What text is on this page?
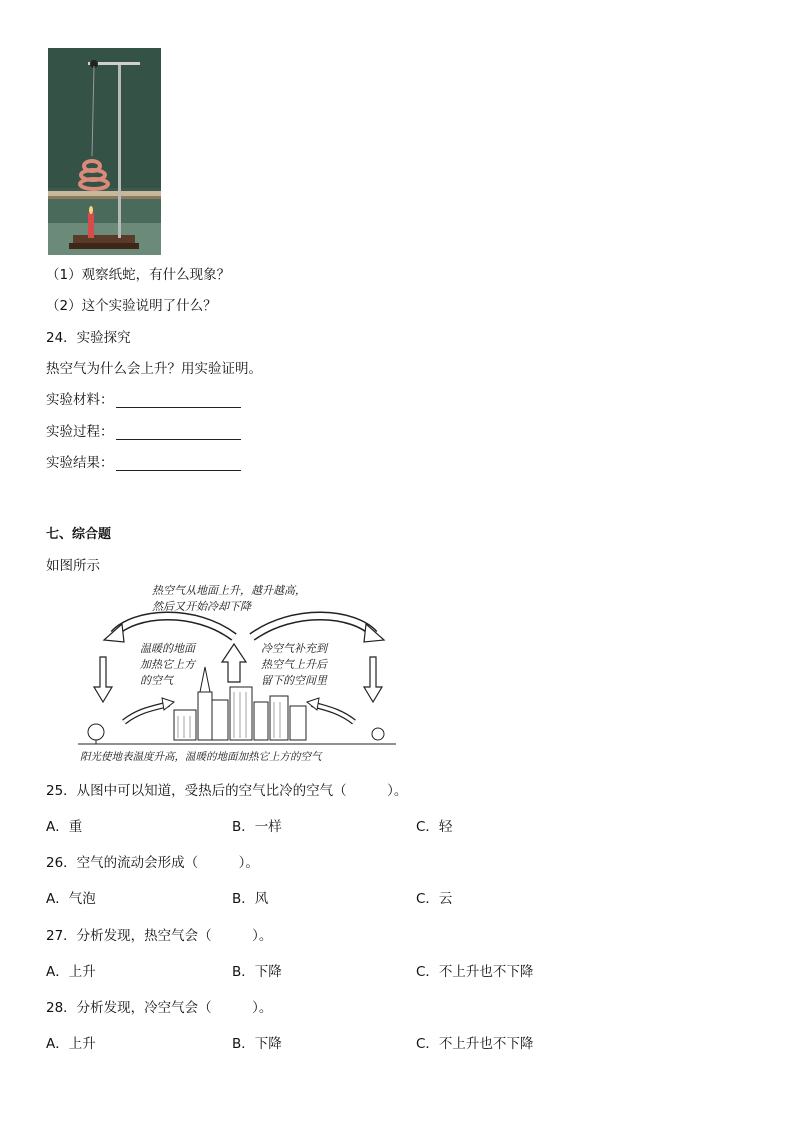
（1）观察纸蛇，有什么现象？
（2）这个实验说明了什么？
24．实验探究
热空气为什么会上升？用实验证明。
实验材料：
实验过程：
实验结果：
七、综合题
如图所示
热空气从地面上升，越升越高，
然后又开始冷却下降
温暖的地面
加热它上方
的空气
冷空气补充到
热空气上升后
留下的空间里
阳光使地表温度升高，温暖的地面加热它上方的空气
25．从图中可以知道，受热后的空气比冷的空气（　　　）。
A．重	B．一样	C．轻
26．空气的流动会形成（　　　）。
A．气泡	B．风	C．云
27．分析发现，热空气会（　　　）。
A．上升	B．下降	C．不上升也不下降
28．分析发现，冷空气会（　　　）。
A．上升	B．下降	C．不上升也不下降
